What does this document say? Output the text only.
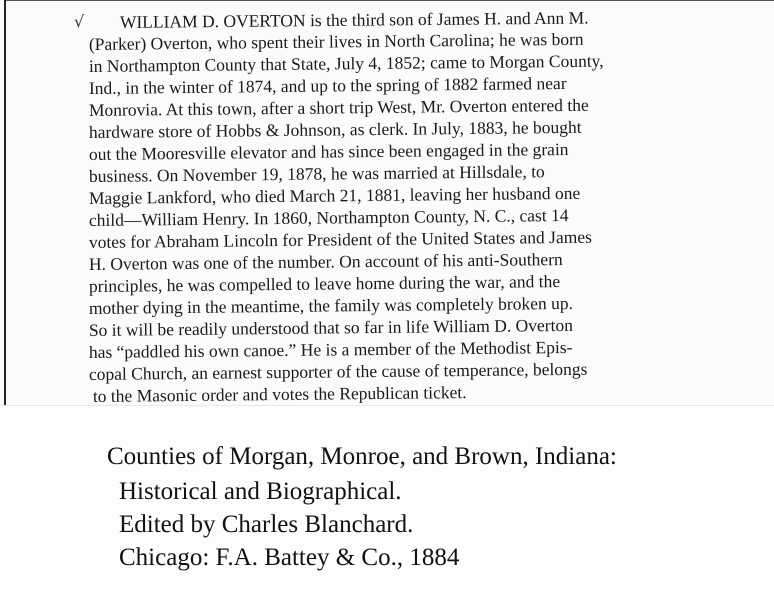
√ WILLIAM D. OVERTON is the third son of James H. and Ann M.
(Parker) Overton, who spent their lives in North Carolina; he was born
in Northampton County that State, July 4, 1852; came to Morgan County,
Ind., in the winter of 1874, and up to the spring of 1882 farmed near
Monrovia. At this town, after a short trip West, Mr. Overton entered the
hardware store of Hobbs & Johnson, as clerk. In July, 1883, he bought
out the Mooresville elevator and has since been engaged in the grain
business. On November 19, 1878, he was married at Hillsdale, to
Maggie Lankford, who died March 21, 1881, leaving her husband one
child—William Henry. In 1860, Northampton County, N. C., cast 14
votes for Abraham Lincoln for President of the United States and James
H. Overton was one of the number. On account of his anti-Southern
principles, he was compelled to leave home during the war, and the
mother dying in the meantime, the family was completely broken up.
So it will be readily understood that so far in life William D. Overton
has “paddled his own canoe.” He is a member of the Methodist Epis-
copal Church, an earnest supporter of the cause of temperance, belongs
to the Masonic order and votes the Republican ticket.
Counties of Morgan, Monroe, and Brown, Indiana:
Historical and Biographical.
Edited by Charles Blanchard.
Chicago: F.A. Battey & Co., 1884
